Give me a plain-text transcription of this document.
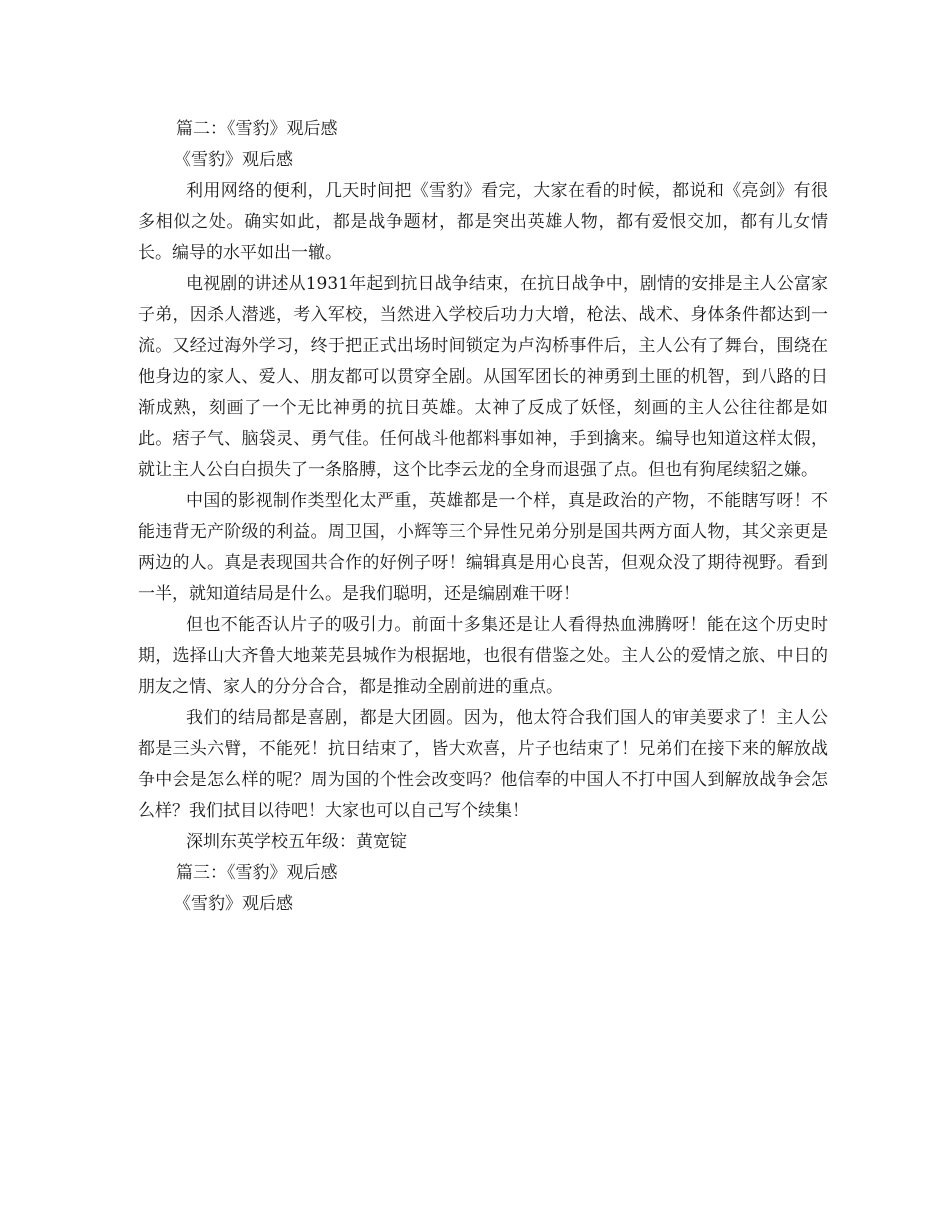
篇二：《雪豹》观后感

《雪豹》观后感

利用网络的便利，几天时间把《雪豹》看完，大家在看的时候，都说和《亮剑》有很多相似之处。确实如此，都是战争题材，都是突出英雄人物，都有爱恨交加，都有儿女情长。编导的水平如出一辙。

电视剧的讲述从1931年起到抗日战争结束，在抗日战争中，剧情的安排是主人公富家子弟，因杀人潜逃，考入军校，当然进入学校后功力大增，枪法、战术、身体条件都达到一流。又经过海外学习，终于把正式出场时间锁定为卢沟桥事件后，主人公有了舞台，围绕在他身边的家人、爱人、朋友都可以贯穿全剧。从国军团长的神勇到土匪的机智，到八路的日渐成熟，刻画了一个无比神勇的抗日英雄。太神了反成了妖怪，刻画的主人公往往都是如此。痞子气、脑袋灵、勇气佳。任何战斗他都料事如神，手到擒来。编导也知道这样太假，就让主人公白白损失了一条胳膊，这个比李云龙的全身而退强了点。但也有狗尾续貂之嫌。

中国的影视制作类型化太严重，英雄都是一个样，真是政治的产物，不能瞎写呀！不能违背无产阶级的利益。周卫国，小辉等三个异性兄弟分别是国共两方面人物，其父亲更是两边的人。真是表现国共合作的好例子呀！编辑真是用心良苦，但观众没了期待视野。看到一半，就知道结局是什么。是我们聪明，还是编剧难干呀！

但也不能否认片子的吸引力。前面十多集还是让人看得热血沸腾呀！能在这个历史时期，选择山大齐鲁大地莱芜县城作为根据地，也很有借鉴之处。主人公的爱情之旅、中日的朋友之情、家人的分分合合，都是推动全剧前进的重点。

我们的结局都是喜剧，都是大团圆。因为，他太符合我们国人的审美要求了！主人公都是三头六臂，不能死！抗日结束了，皆大欢喜，片子也结束了！兄弟们在接下来的解放战争中会是怎么样的呢？周为国的个性会改变吗？他信奉的中国人不打中国人到解放战争会怎么样？我们拭目以待吧！大家也可以自己写个续集！

深圳东英学校五年级：黄宽锭

篇三：《雪豹》观后感

《雪豹》观后感
